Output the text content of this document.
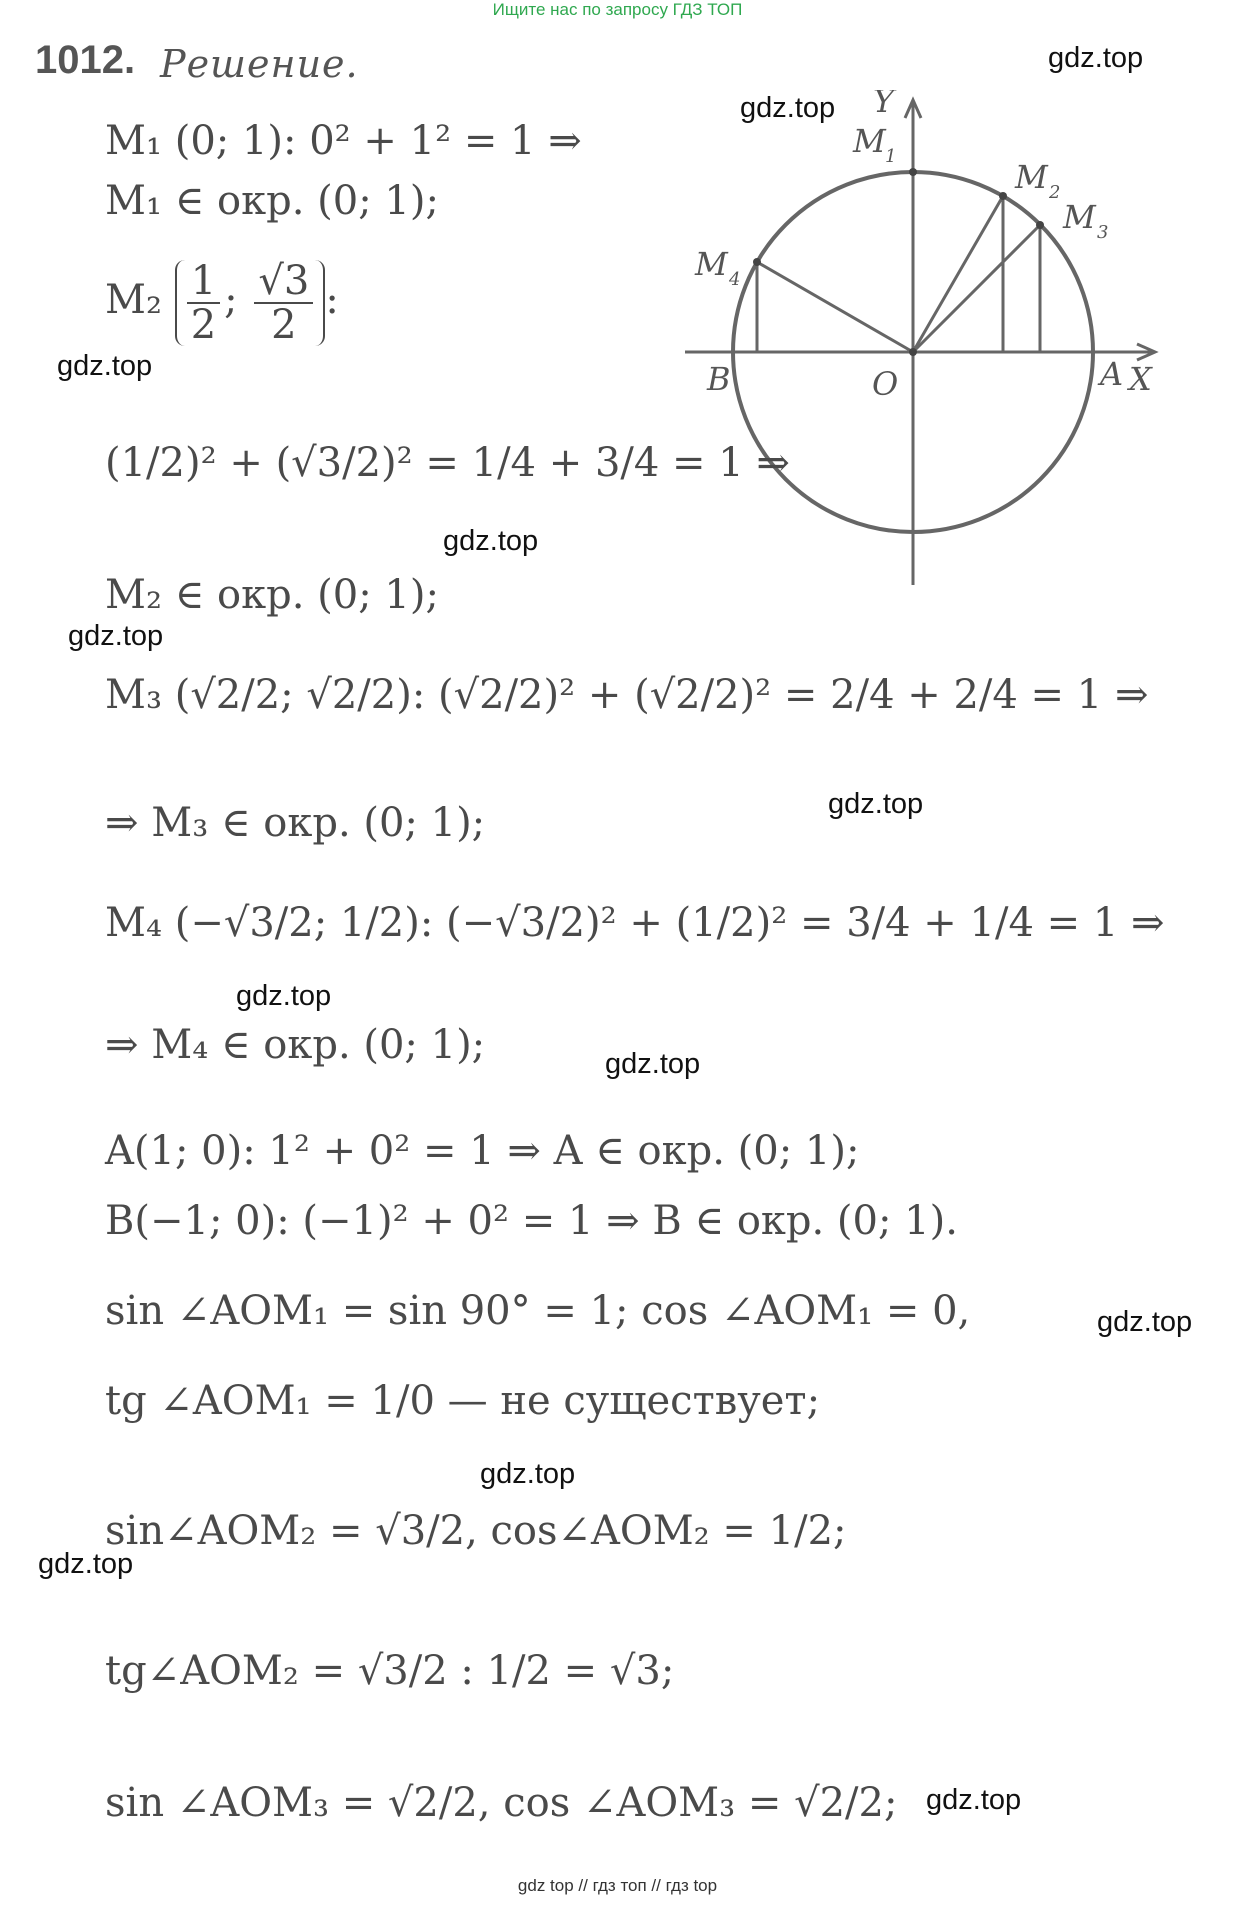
Ищите нас по запросу ГДЗ ТОП
1012. Решение.	gdz.top
gdz.top
gdz.top
gdz.top
gdz.top
gdz.top
gdz.top
gdz.top
gdz.top
gdz.top
gdz.top
gdz.top
Y
X
O	A
B
M 1
M 2
M 3
M 4
M₁ (0; 1): 0² + 1² = 1 ⇒
M₁ ∈ окр. (0; 1);
$M_2 \frac{1}{2}$ ; $\frac{√3}{2}$ :
(1/2)² + (√3/2)² = 1/4 + 3/4 = 1 ⇒
M₂ ∈ окр. (0; 1);
M₃ (√2/2; √2/2): (√2/2)² + (√2/2)² = 2/4 + 2/4 = 1 ⇒
⇒ M₃ ∈ окр. (0; 1);
M₄ (−√3/2; 1/2): (−√3/2)² + (1/2)² = 3/4 + 1/4 = 1 ⇒
⇒ M₄ ∈ окр. (0; 1);
A(1; 0): 1² + 0² = 1 ⇒ A ∈ окр. (0; 1);
B(−1; 0): (−1)² + 0² = 1 ⇒ B ∈ окр. (0; 1).
sin ∠AOM₁ = sin 90° = 1; cos ∠AOM₁ = 0,
tg ∠AOM₁ = 1/0 — не существует;
sin∠AOM₂ = √3/2, cos∠AOM₂ = 1/2;
tg∠AOM₂ = √3/2 : 1/2 = √3;
sin ∠AOM₃ = √2/2, cos ∠AOM₃ = √2/2;
gdz top // гдз топ // гдз top
